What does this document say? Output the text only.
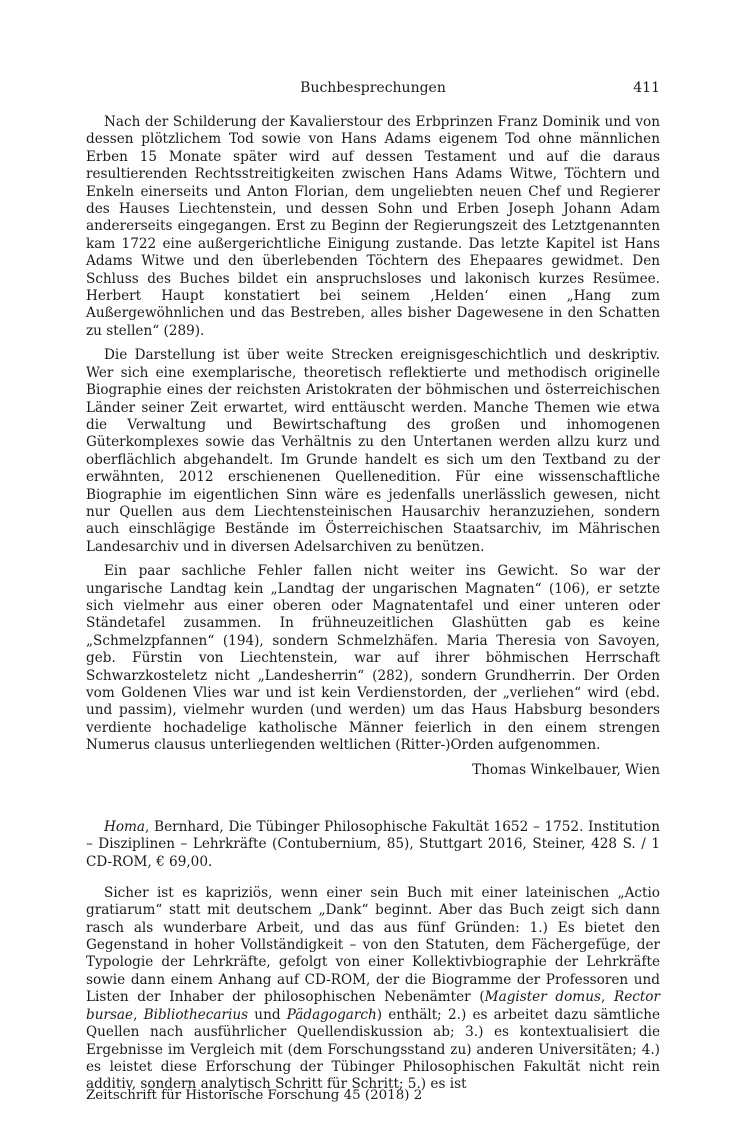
Buchbesprechungen	411

Nach der Schilderung der Kavalierstour des Erbprinzen Franz Dominik und von dessen plötzlichem Tod sowie von Hans Adams eigenem Tod ohne männlichen Erben 15 Monate später wird auf dessen Testament und auf die daraus resultierenden Rechtsstreitigkeiten zwischen Hans Adams Witwe, Töchtern und Enkeln einerseits und Anton Florian, dem ungeliebten neuen Chef und Regierer des Hauses Liechtenstein, und dessen Sohn und Erben Joseph Johann Adam andererseits eingegangen. Erst zu Beginn der Regierungszeit des Letztgenannten kam 1722 eine außergerichtliche Einigung zustande. Das letzte Kapitel ist Hans Adams Witwe und den überlebenden Töchtern des Ehepaares gewidmet. Den Schluss des Buches bildet ein anspruchsloses und lakonisch kurzes Resümee. Herbert Haupt konstatiert bei seinem ‚Helden‘ einen „Hang zum Außergewöhnlichen und das Bestreben, alles bisher Dagewesene in den Schatten zu stellen“ (289).

Die Darstellung ist über weite Strecken ereignisgeschichtlich und deskriptiv. Wer sich eine exemplarische, theoretisch reflektierte und methodisch originelle Biographie eines der reichsten Aristokraten der böhmischen und österreichischen Länder seiner Zeit erwartet, wird enttäuscht werden. Manche Themen wie etwa die Verwaltung und Bewirtschaftung des großen und inhomogenen Güterkomplexes sowie das Verhältnis zu den Untertanen werden allzu kurz und oberflächlich abgehandelt. Im Grunde handelt es sich um den Textband zu der erwähnten, 2012 erschienenen Quellenedition. Für eine wissenschaftliche Biographie im eigentlichen Sinn wäre es jedenfalls unerlässlich gewesen, nicht nur Quellen aus dem Liechtensteinischen Hausarchiv heranzuziehen, sondern auch einschlägige Bestände im Österreichischen Staatsarchiv, im Mährischen Landesarchiv und in diversen Adelsarchiven zu benützen.

Ein paar sachliche Fehler fallen nicht weiter ins Gewicht. So war der ungarische Landtag kein „Landtag der ungarischen Magnaten“ (106), er setzte sich vielmehr aus einer oberen oder Magnatentafel und einer unteren oder Ständetafel zusammen. In frühneuzeitlichen Glashütten gab es keine „Schmelzpfannen“ (194), sondern Schmelzhäfen. Maria Theresia von Savoyen, geb. Fürstin von Liechtenstein, war auf ihrer böhmischen Herrschaft Schwarzkosteletz nicht „Landesherrin“ (282), sondern Grundherrin. Der Orden vom Goldenen Vlies war und ist kein Verdienstorden, der „verliehen“ wird (ebd. und passim), vielmehr wurden (und werden) um das Haus Habsburg besonders verdiente hochadelige katholische Männer feierlich in den einem strengen Numerus clausus unterliegenden weltlichen (Ritter-)Orden aufgenommen.

Thomas Winkelbauer, Wien

Homa, Bernhard, Die Tübinger Philosophische Fakultät 1652 – 1752. Institution – Disziplinen – Lehrkräfte (Contubernium, 85), Stuttgart 2016, Steiner, 428 S. / 1 CD-ROM, € 69,00.

Sicher ist es kapriziös, wenn einer sein Buch mit einer lateinischen „Actio gratiarum“ statt mit deutschem „Dank“ beginnt. Aber das Buch zeigt sich dann rasch als wunderbare Arbeit, und das aus fünf Gründen: 1.) Es bietet den Gegenstand in hoher Vollständigkeit – von den Statuten, dem Fächergefüge, der Typologie der Lehrkräfte, gefolgt von einer Kollektivbiographie der Lehrkräfte sowie dann einem Anhang auf CD-ROM, der die Biogramme der Professoren und Listen der Inhaber der philosophischen Nebenämter (Magister domus, Rector bursae, Bibliothecarius und Pädagogarch) enthält; 2.) es arbeitet dazu sämtliche Quellen nach ausführlicher Quellendiskussion ab; 3.) es kontextualisiert die Ergebnisse im Vergleich mit (dem Forschungsstand zu) anderen Universitäten; 4.) es leistet diese Erforschung der Tübinger Philosophischen Fakultät nicht rein additiv, sondern analytisch Schritt für Schritt; 5.) es ist

Zeitschrift für Historische Forschung 45 (2018) 2
